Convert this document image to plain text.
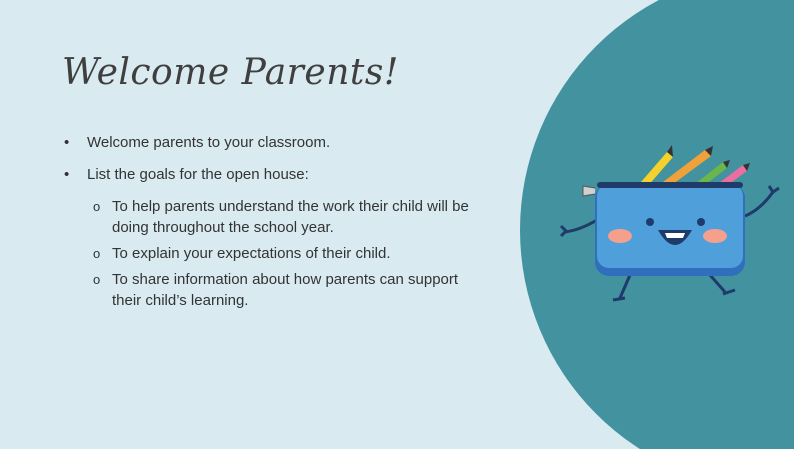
Welcome Parents!
• Welcome parents to your classroom.
• List the goals for the open house:
o To help parents understand the work their child will be doing throughout the school year.
o To explain your expectations of their child.
o To share information about how parents can support their child’s learning.
